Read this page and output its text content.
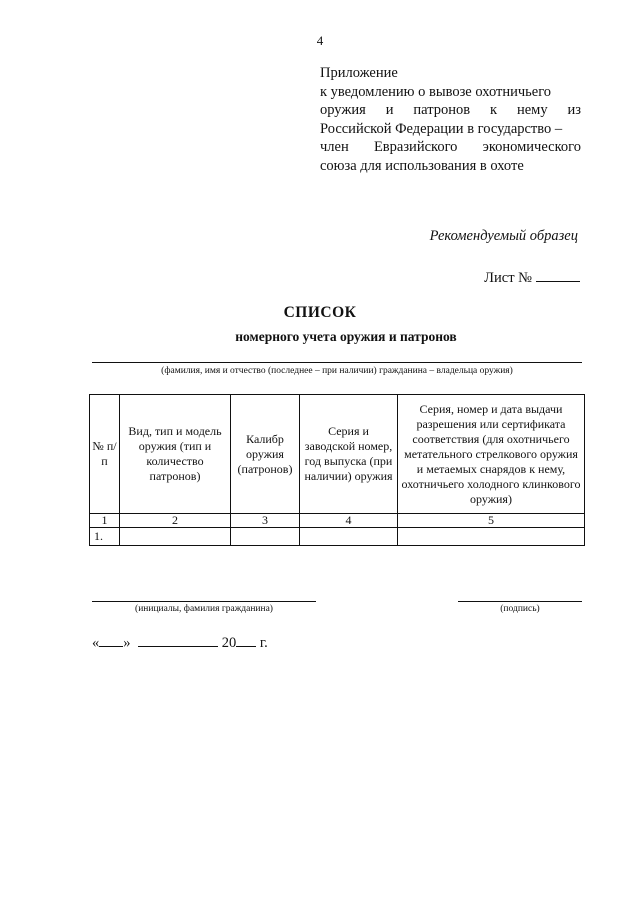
4
Приложение
к уведомлению о вывозе охотничьего
оружия и патронов к нему из
Российской Федерации в государство –
член Евразийского экономического
союза для использования в охоте
Рекомендуемый образец
Лист №
СПИСОК
номерного учета оружия и патронов
(фамилия, имя и отчество (последнее – при наличии) гражданина – владельца оружия)
№ п/п	Вид, тип и модель оружия (тип и количество патронов)	Калибр оружия (патронов)	Серия и заводской номер, год выпуска (при наличии) оружия	Серия, номер и дата выдачи разрешения или сертификата соответствия (для охотничьего метательного стрелкового оружия и метаемых снарядов к нему, охотничьего холодного клинкового оружия)
1	2	3	4	5
1.				
(инициалы, фамилия гражданина)	(подпись)
« »	20 г.
